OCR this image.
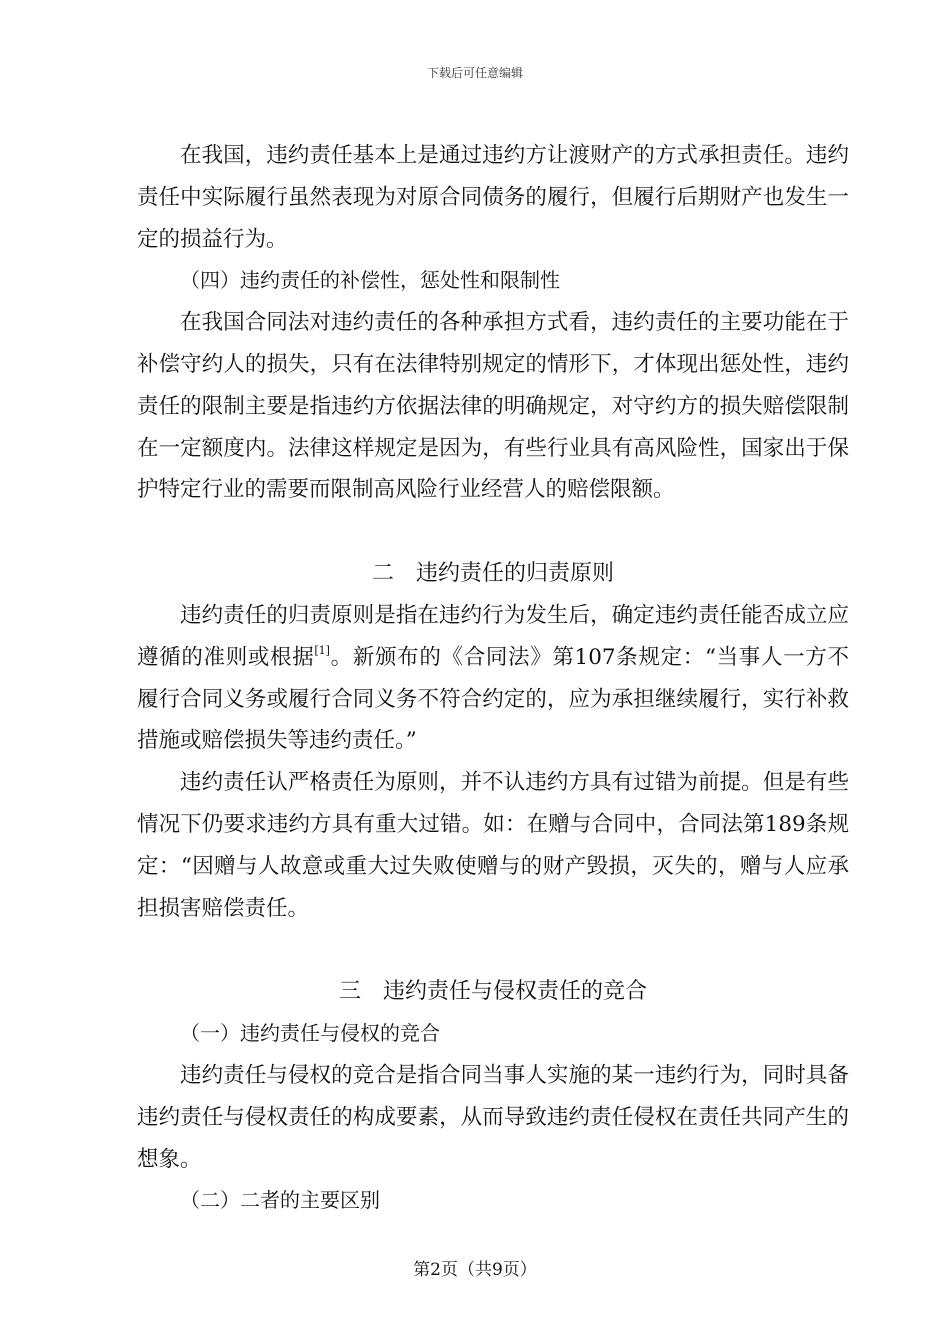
下载后可任意编辑

在我国，违约责任基本上是通过违约方让渡财产的方式承担责任。违约责任中实际履行虽然表现为对原合同债务的履行，但履行后期财产也发生一定的损益行为。

（四）违约责任的补偿性，惩处性和限制性

在我国合同法对违约责任的各种承担方式看，违约责任的主要功能在于补偿守约人的损失，只有在法律特别规定的情形下，才体现出惩处性，违约责任的限制主要是指违约方依据法律的明确规定，对守约方的损失赔偿限制在一定额度内。法律这样规定是因为，有些行业具有高风险性，国家出于保护特定行业的需要而限制高风险行业经营人的赔偿限额。

二　违约责任的归责原则

违约责任的归责原则是指在违约行为发生后，确定违约责任能否成立应遵循的准则或根据[1]。新颁布的《合同法》第107条规定：“当事人一方不履行合同义务或履行合同义务不符合约定的，应为承担继续履行，实行补救措施或赔偿损失等违约责任。”

违约责任认严格责任为原则，并不认违约方具有过错为前提。但是有些情况下仍要求违约方具有重大过错。如：在赠与合同中，合同法第189条规定：“因赠与人故意或重大过失败使赠与的财产毁损，灭失的，赠与人应承担损害赔偿责任。

三　违约责任与侵权责任的竞合
（一）违约责任与侵权的竞合

违约责任与侵权的竞合是指合同当事人实施的某一违约行为，同时具备违约责任与侵权责任的构成要素，从而导致违约责任侵权在责任共同产生的想象。

（二）二者的主要区别
第2页（共9页）
